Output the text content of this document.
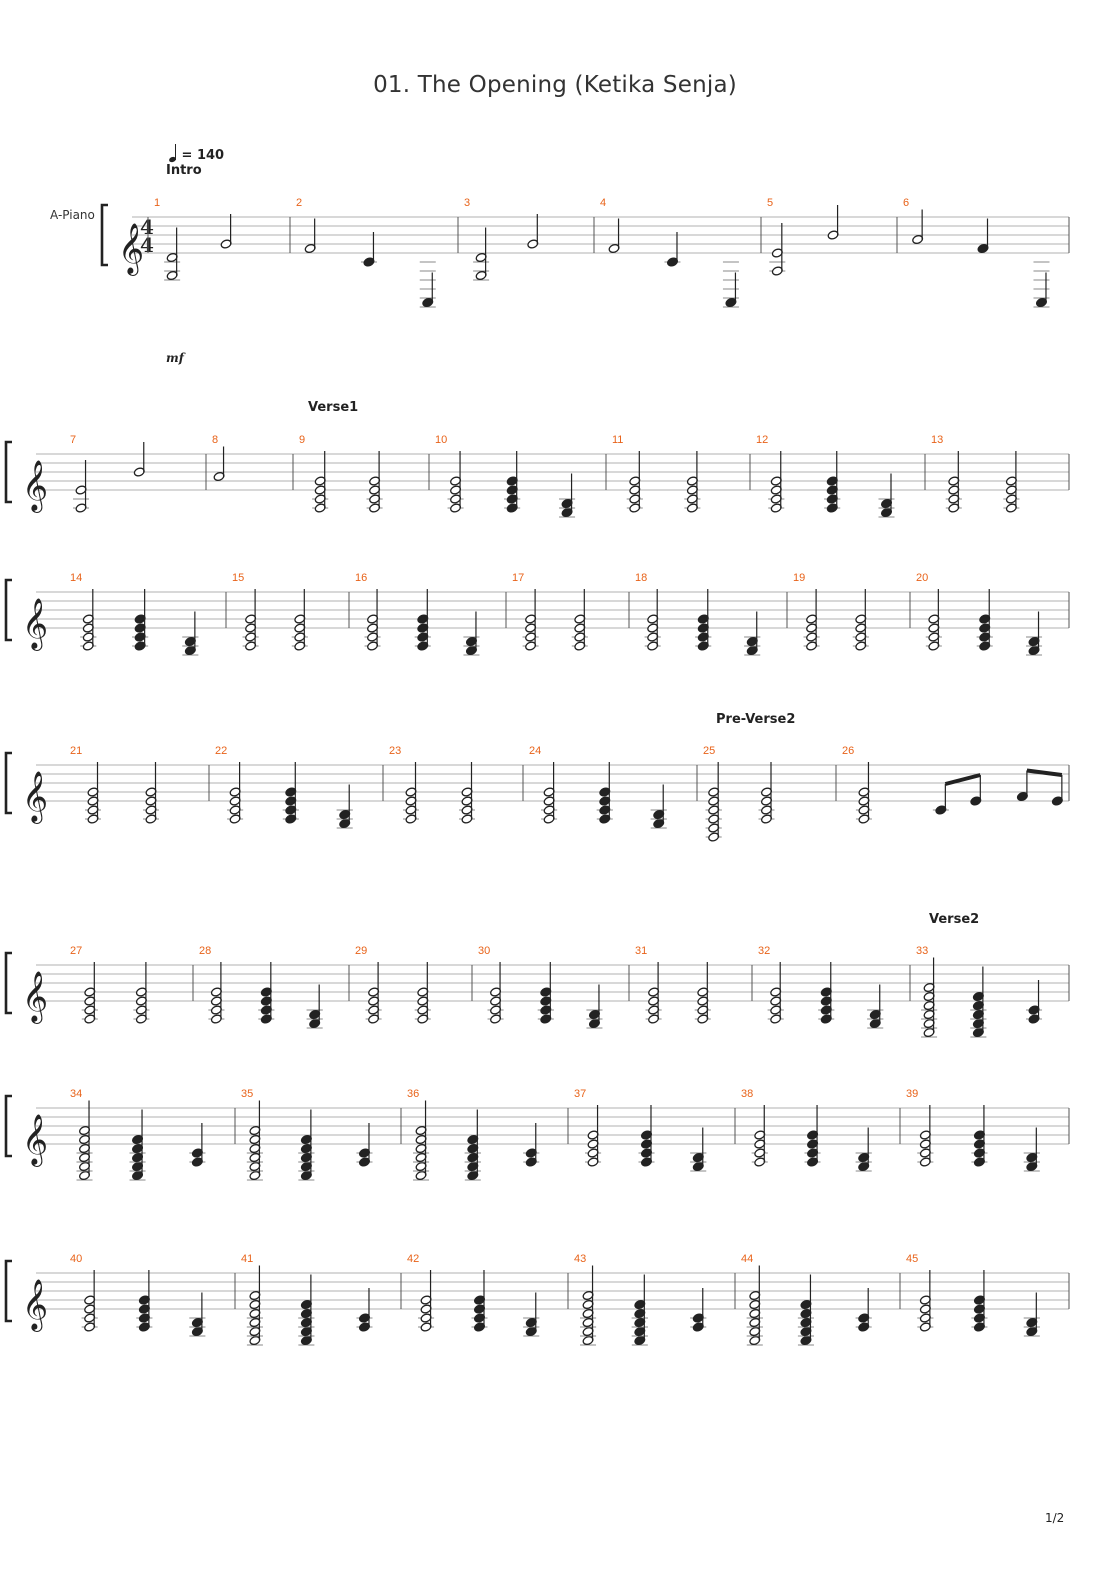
01. The Opening (Ketika Senja)
= 140
A-Piano
mf
Intro
Verse1
Pre-Verse2
Verse2
𝄞
4
4
1	2	3	4	5	6
𝄞
7	8	9	10	11	12	13
𝄞
14	15	16	17	18	19	20
𝄞
21	22	23	24	25	26
𝄞
27	28	29	30	31	32	33
𝄞
34	35	36	37	38	39
𝄞
40	41	42	43	44	45
1/2
